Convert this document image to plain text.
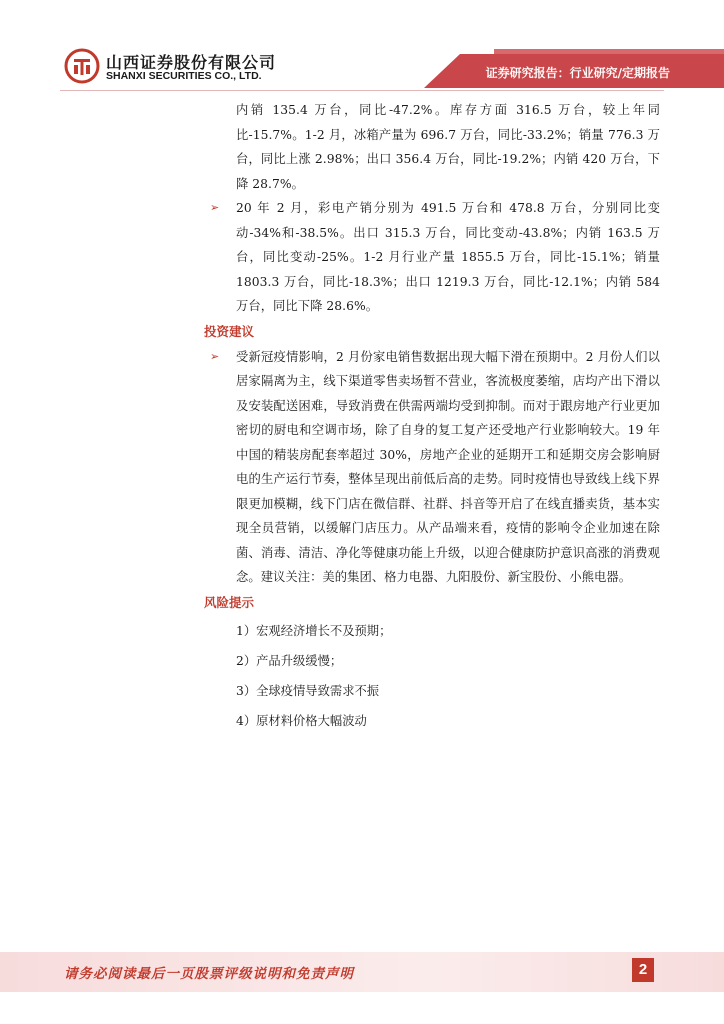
山西证券股份有限公司
SHANXI SECURITIES CO., LTD.	证券研究报告：行业研究/定期报告

内销 135.4 万台，同比-47.2%。库存方面 316.5 万台，较上年同比-15.7%。1-2 月，冰箱产量为 696.7 万台，同比-33.2%；销量 776.3 万台，同比上涨 2.98%；出口 356.4 万台，同比-19.2%；内销 420 万台，下降 28.7%。

➢ 20 年 2 月，彩电产销分别为 491.5 万台和 478.8 万台，分别同比变动-34%和-38.5%。出口 315.3 万台，同比变动-43.8%；内销 163.5 万台，同比变动-25%。1-2 月行业产量 1855.5 万台，同比-15.1%；销量 1803.3 万台，同比-18.3%；出口 1219.3 万台，同比-12.1%；内销 584 万台，同比下降 28.6%。

投资建议

➢ 受新冠疫情影响，2 月份家电销售数据出现大幅下滑在预期中。2 月份人们以居家隔离为主，线下渠道零售卖场暂不营业，客流极度萎缩，店均产出下滑以及安装配送困难，导致消费在供需两端均受到抑制。而对于跟房地产行业更加密切的厨电和空调市场，除了自身的复工复产还受地产行业影响较大。19 年中国的精装房配套率超过 30%，房地产企业的延期开工和延期交房会影响厨电的生产运行节奏，整体呈现出前低后高的走势。同时疫情也导致线上线下界限更加模糊，线下门店在微信群、社群、抖音等开启了在线直播卖货，基本实现全员营销，以缓解门店压力。从产品端来看，疫情的影响令企业加速在除菌、消毒、清洁、净化等健康功能上升级，以迎合健康防护意识高涨的消费观念。建议关注：美的集团、格力电器、九阳股份、新宝股份、小熊电器。

风险提示
1）宏观经济增长不及预期；
2）产品升级缓慢；
3）全球疫情导致需求不振
4）原材料价格大幅波动
请务必阅读最后一页股票评级说明和免责声明	2
